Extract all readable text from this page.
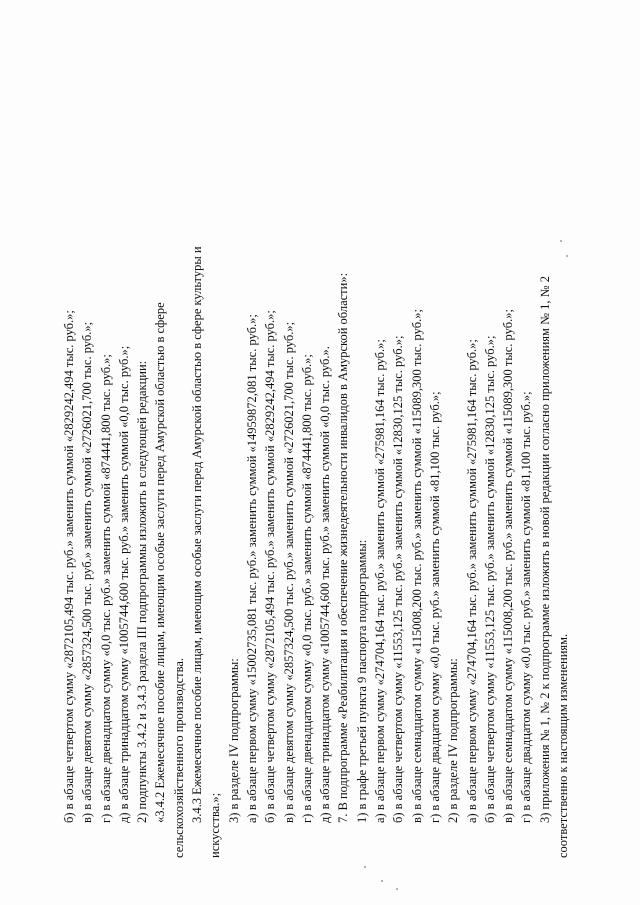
б) в абзаце четвертом сумму «2872105,494 тыс. руб.» заменить суммой «2829242,494 тыс. руб.»; в) в абзаце девятом сумму «2857324,500 тыс. руб.» заменить суммой «2726021,700 тыс. руб.»; г) в абзаце двенадцатом сумму «0,0 тыс. руб.» заменить суммой «874441,800 тыс. руб.»; д) в абзаце тринадцатом сумму «1005744,600 тыс. руб.» заменить суммой «0,0 тыс. руб.»; 2) подпункты 3.4.2 и 3.4.3 раздела III подпрограммы изложить в следующей редакции: «3.4.2 Ежемесячное пособие лицам, имеющим особые заслуги перед Амурской областью в сфере сельскохозяйственного производства. 3.4.3 Ежемесячное пособие лицам, имеющим особые заслуги перед Амурской областью в сфере культуры и
искусства.»;
3) в разделе IV подпрограммы: а) в абзаце первом сумму «15002735,081 тыс. руб.» заменить суммой «14959872,081 тыс. руб.»; б) в абзаце четвертом сумму «2872105,494 тыс. руб.» заменить суммой «2829242,494 тыс. руб.»; в) в абзаце девятом сумму «2857324,500 тыс. руб.» заменить суммой «2726021,700 тыс. руб.»; г) в абзаце двенадцатом сумму «0,0 тыс. руб.» заменить суммой «874441,800 тыс. руб.»; д) в абзаце тринадцатом сумму «1005744,600 тыс. руб.» заменить суммой «0,0 тыс. руб.». 7. В подпрограмме «Реабилитация и обеспечение жизнедеятельности инвалидов в Амурской области»: 1) в графе третьей пункта 9 паспорта подпрограммы: а) в абзаце первом сумму «274704,164 тыс. руб.» заменить суммой «275981,164 тыс. руб.»; б) в абзаце четвертом сумму «11553,125 тыс. руб.» заменить суммой «12830,125 тыс. руб.»; в) в абзаце семнадцатом сумму «115008,200 тыс. руб.» заменить суммой «115089,300 тыс. руб.»; г) в абзаце двадцатом сумму «0,0 тыс. руб.» заменить суммой «81,100 тыс. руб.»; 2) в разделе IV подпрограммы: а) в абзаце первом сумму «274704,164 тыс. руб.» заменить суммой «275981,164 тыс. руб.»; б) в абзаце четвертом сумму «11553,125 тыс. руб.» заменить суммой «12830,125 тыс. руб.»; в) в абзаце семнадцатом сумму «115008,200 тыс. руб.» заменить суммой «115089,300 тыс. руб.»; г) в абзаце двадцатом сумму «0,0 тыс. руб.» заменить суммой «81,100 тыс. руб.»; 3) приложения № 1, № 2 к подпрограмме изложить в новой редакции согласно приложениям № 1, № 2 соответственно к настоящим изменениям.
